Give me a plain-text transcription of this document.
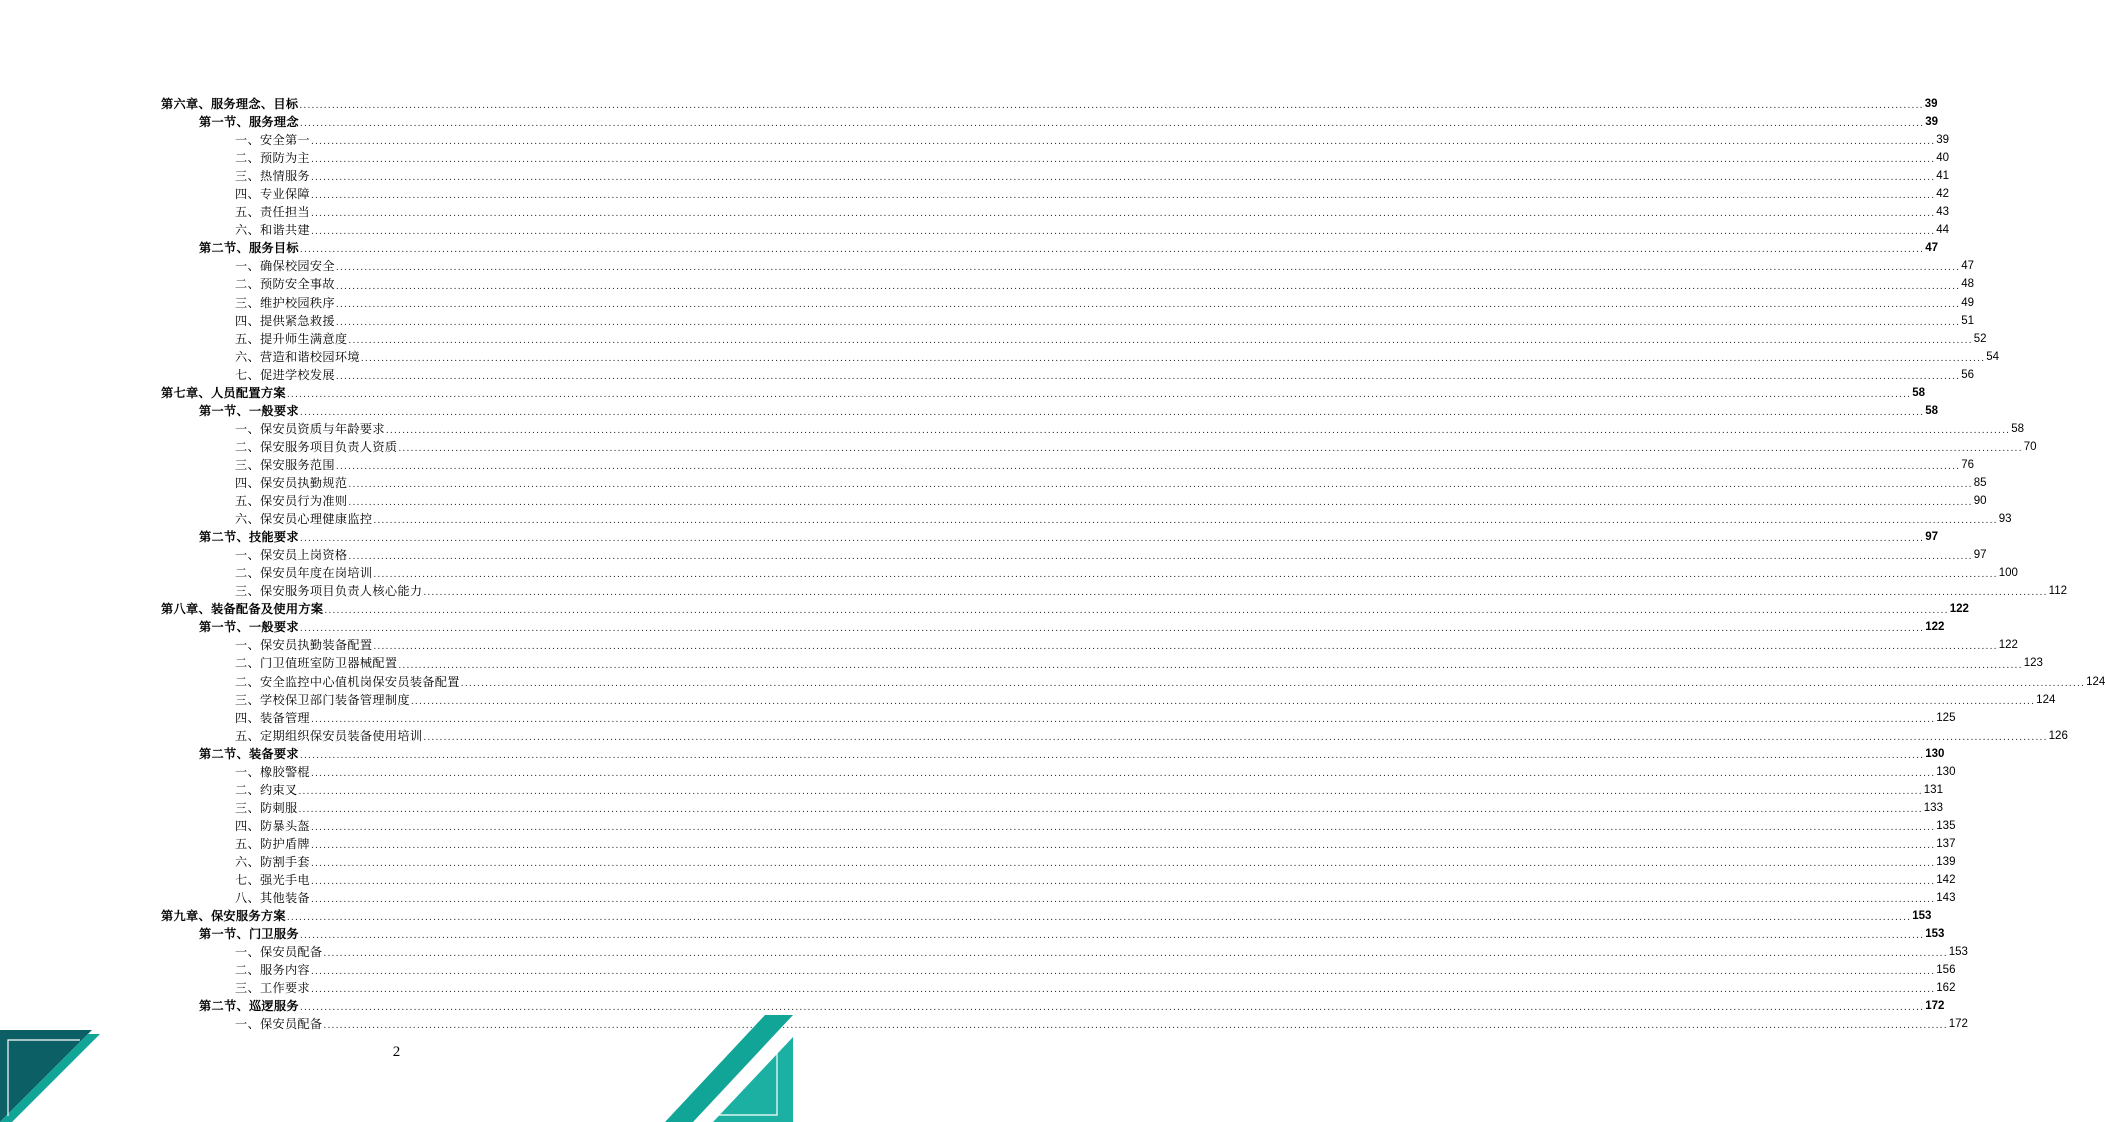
第六章、服务理念、目标 ................................................................................................................................................................................................................................................................................................................................................................................................................ 39
第一节、服务理念 ................................................................................................................................................................................................................................................................................................................................................................................................................ 39
一、安全第一 ................................................................................................................................................................................................................................................................................................................................................................................................................ 39
二、预防为主 ................................................................................................................................................................................................................................................................................................................................................................................................................ 40
三、热情服务 ................................................................................................................................................................................................................................................................................................................................................................................................................ 41
四、专业保障 ................................................................................................................................................................................................................................................................................................................................................................................................................ 42
五、责任担当 ................................................................................................................................................................................................................................................................................................................................................................................................................ 43
六、和谐共建 ................................................................................................................................................................................................................................................................................................................................................................................................................ 44
第二节、服务目标 ................................................................................................................................................................................................................................................................................................................................................................................................................ 47
一、确保校园安全 ................................................................................................................................................................................................................................................................................................................................................................................................................ 47
二、预防安全事故 ................................................................................................................................................................................................................................................................................................................................................................................................................ 48
三、维护校园秩序 ................................................................................................................................................................................................................................................................................................................................................................................................................ 49
四、提供紧急救援 ................................................................................................................................................................................................................................................................................................................................................................................................................ 51
五、提升师生满意度 ................................................................................................................................................................................................................................................................................................................................................................................................................ 52
六、营造和谐校园环境 ................................................................................................................................................................................................................................................................................................................................................................................................................ 54
七、促进学校发展 ................................................................................................................................................................................................................................................................................................................................................................................................................ 56
第七章、人员配置方案 ................................................................................................................................................................................................................................................................................................................................................................................................................ 58
第一节、一般要求 ................................................................................................................................................................................................................................................................................................................................................................................................................ 58
一、保安员资质与年龄要求 ................................................................................................................................................................................................................................................................................................................................................................................................................ 58
二、保安服务项目负责人资质 ................................................................................................................................................................................................................................................................................................................................................................................................................ 70
三、保安服务范围 ................................................................................................................................................................................................................................................................................................................................................................................................................ 76
四、保安员执勤规范 ................................................................................................................................................................................................................................................................................................................................................................................................................ 85
五、保安员行为准则 ................................................................................................................................................................................................................................................................................................................................................................................................................ 90
六、保安员心理健康监控 ................................................................................................................................................................................................................................................................................................................................................................................................................ 93
第二节、技能要求 ................................................................................................................................................................................................................................................................................................................................................................................................................ 97
一、保安员上岗资格 ................................................................................................................................................................................................................................................................................................................................................................................................................ 97
二、保安员年度在岗培训 ................................................................................................................................................................................................................................................................................................................................................................................................................ 100
三、保安服务项目负责人核心能力 ................................................................................................................................................................................................................................................................................................................................................................................................................ 112
第八章、装备配备及使用方案 ................................................................................................................................................................................................................................................................................................................................................................................................................ 122
第一节、一般要求 ................................................................................................................................................................................................................................................................................................................................................................................................................ 122
一、保安员执勤装备配置 ................................................................................................................................................................................................................................................................................................................................................................................................................ 122
二、门卫值班室防卫器械配置 ................................................................................................................................................................................................................................................................................................................................................................................................................ 123
二、安全监控中心值机岗保安员装备配置 ................................................................................................................................................................................................................................................................................................................................................................................................................ 124
三、学校保卫部门装备管理制度 ................................................................................................................................................................................................................................................................................................................................................................................................................ 124
四、装备管理 ................................................................................................................................................................................................................................................................................................................................................................................................................ 125
五、定期组织保安员装备使用培训 ................................................................................................................................................................................................................................................................................................................................................................................................................ 126
第二节、装备要求 ................................................................................................................................................................................................................................................................................................................................................................................................................ 130
一、橡胶警棍 ................................................................................................................................................................................................................................................................................................................................................................................................................ 130
二、约束叉 ................................................................................................................................................................................................................................................................................................................................................................................................................ 131
三、防刺服 ................................................................................................................................................................................................................................................................................................................................................................................................................ 133
四、防暴头盔 ................................................................................................................................................................................................................................................................................................................................................................................................................ 135
五、防护盾牌 ................................................................................................................................................................................................................................................................................................................................................................................................................ 137
六、防割手套 ................................................................................................................................................................................................................................................................................................................................................................................................................ 139
七、强光手电 ................................................................................................................................................................................................................................................................................................................................................................................................................ 142
八、其他装备 ................................................................................................................................................................................................................................................................................................................................................................................................................ 143
第九章、保安服务方案 ................................................................................................................................................................................................................................................................................................................................................................................................................ 153
第一节、门卫服务 ................................................................................................................................................................................................................................................................................................................................................................................................................ 153
一、保安员配备 ................................................................................................................................................................................................................................................................................................................................................................................................................ 153
二、服务内容 ................................................................................................................................................................................................................................................................................................................................................................................................................ 156
三、工作要求 ................................................................................................................................................................................................................................................................................................................................................................................................................ 162
第二节、巡逻服务 ................................................................................................................................................................................................................................................................................................................................................................................................................ 172
一、保安员配备 ................................................................................................................................................................................................................................................................................................................................................................................................................ 172
2
